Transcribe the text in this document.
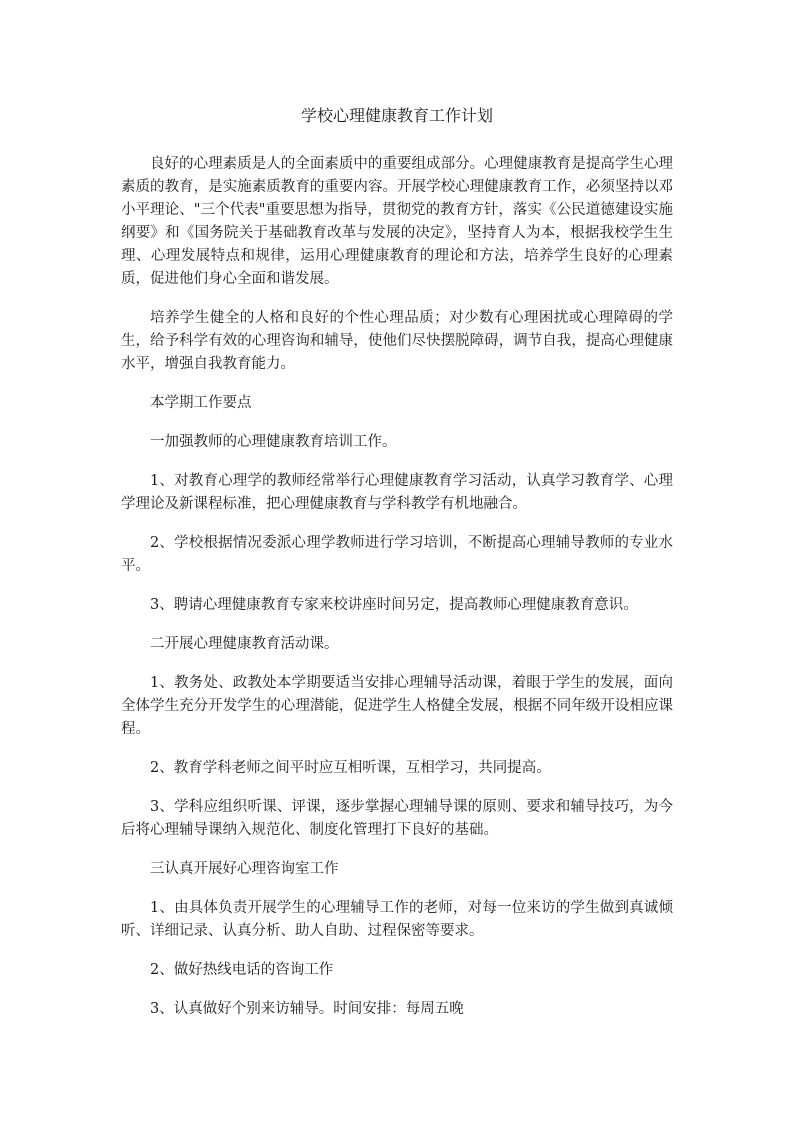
学校心理健康教育工作计划

良好的心理素质是人的全面素质中的重要组成部分。心理健康教育是提高学生心理素质的教育，是实施素质教育的重要内容。开展学校心理健康教育工作，必须坚持以邓小平理论、"三个代表"重要思想为指导，贯彻党的教育方针，落实《公民道德建设实施纲要》和《国务院关于基础教育改革与发展的决定》，坚持育人为本，根据我校学生生理、心理发展特点和规律，运用心理健康教育的理论和方法，培养学生良好的心理素质，促进他们身心全面和谐发展。

培养学生健全的人格和良好的个性心理品质；对少数有心理困扰或心理障碍的学生，给予科学有效的心理咨询和辅导，使他们尽快摆脱障碍，调节自我，提高心理健康水平，增强自我教育能力。

本学期工作要点

一加强教师的心理健康教育培训工作。

1、对教育心理学的教师经常举行心理健康教育学习活动，认真学习教育学、心理学理论及新课程标准，把心理健康教育与学科教学有机地融合。

2、学校根据情况委派心理学教师进行学习培训，不断提高心理辅导教师的专业水平。

3、聘请心理健康教育专家来校讲座时间另定，提高教师心理健康教育意识。

二开展心理健康教育活动课。

1、教务处、政教处本学期要适当安排心理辅导活动课，着眼于学生的发展，面向全体学生充分开发学生的心理潜能，促进学生人格健全发展，根据不同年级开设相应课程。

2、教育学科老师之间平时应互相听课，互相学习，共同提高。

3、学科应组织听课、评课，逐步掌握心理辅导课的原则、要求和辅导技巧，为今后将心理辅导课纳入规范化、制度化管理打下良好的基础。

三认真开展好心理咨询室工作

1、由具体负责开展学生的心理辅导工作的老师，对每一位来访的学生做到真诚倾听、详细记录、认真分析、助人自助、过程保密等要求。

2、做好热线电话的咨询工作

3、认真做好个别来访辅导。时间安排：每周五晚
